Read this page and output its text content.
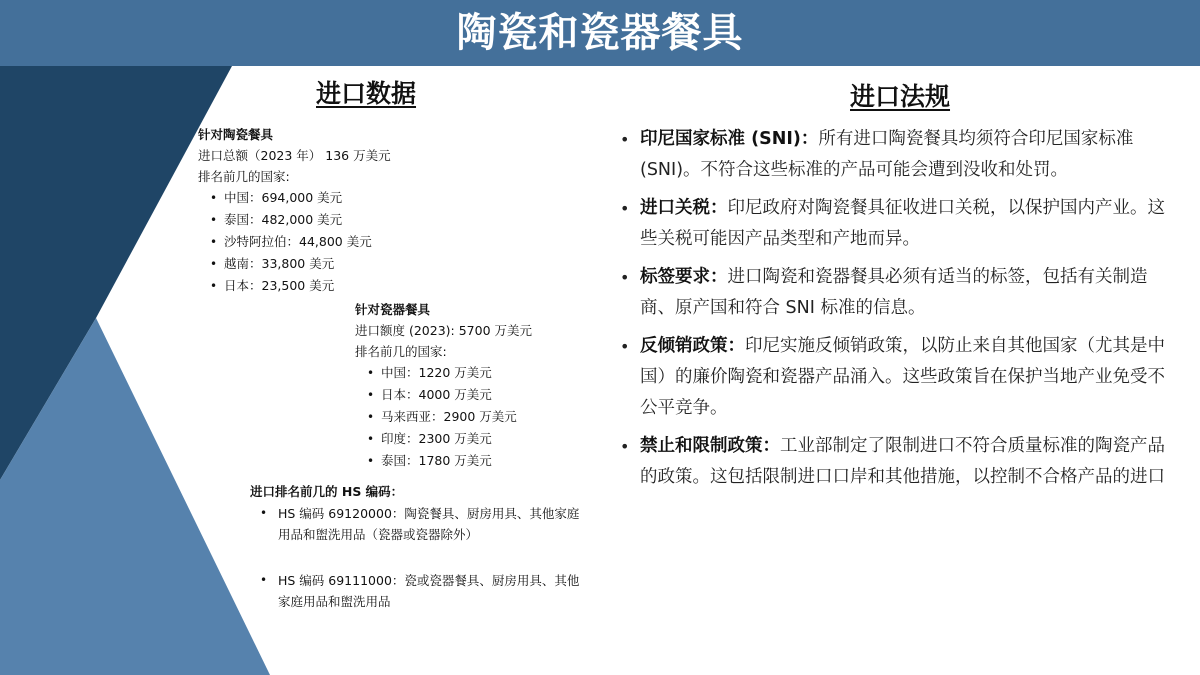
陶瓷和瓷器餐具
进口数据
针对陶瓷餐具
进口总额（2023 年） 136 万美元
排名前几的国家:
• 中国：694,000 美元
• 泰国：482,000 美元
• 沙特阿拉伯：44,800 美元
• 越南：33,800 美元
• 日本：23,500 美元
针对瓷器餐具
进口额度 (2023): 5700 万美元
排名前几的国家:
• 中国：1220 万美元
• 日本：4000 万美元
• 马来西亚：2900 万美元
• 印度：2300 万美元
• 泰国：1780 万美元
进口排名前几的 HS 编码：
• HS 编码 69120000：陶瓷餐具、厨房用具、其他家庭用品和盥洗用品（瓷器或瓷器除外）
• HS 编码 69111000：瓷或瓷器餐具、厨房用具、其他家庭用品和盥洗用品
进口法规
• 印尼国家标准 (SNI)：所有进口陶瓷餐具均须符合印尼国家标准 (SNI)。不符合这些标准的产品可能会遭到没收和处罚。
• 进口关税：印尼政府对陶瓷餐具征收进口关税，以保护国内产业。这些关税可能因产品类型和产地而异。
• 标签要求：进口陶瓷和瓷器餐具必须有适当的标签，包括有关制造商、原产国和符合 SNI 标准的信息。
• 反倾销政策：印尼实施反倾销政策，以防止来自其他国家（尤其是中国）的廉价陶瓷和瓷器产品涌入。这些政策旨在保护当地产业免受不公平竞争。
• 禁止和限制政策：工业部制定了限制进口不符合质量标准的陶瓷产品的政策。这包括限制进口口岸和其他措施，以控制不合格产品的进口
